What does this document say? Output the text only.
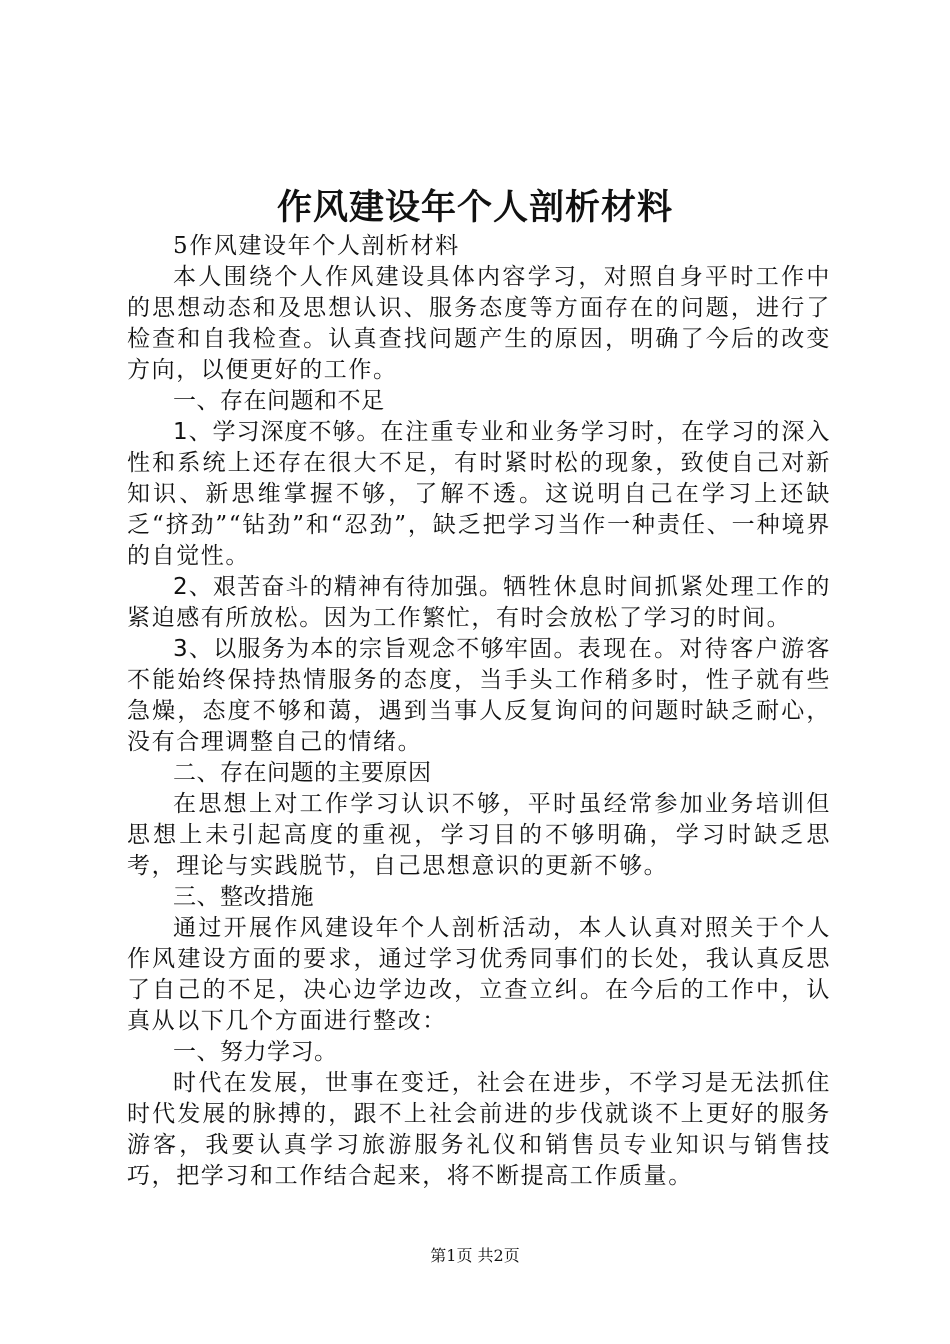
作风建设年个人剖析材料

5作风建设年个人剖析材料

本人围绕个人作风建设具体内容学习，对照自身平时工作中的思想动态和及思想认识、服务态度等方面存在的问题，进行了检查和自我检查。认真查找问题产生的原因，明确了今后的改变方向，以便更好的工作。

一、存在问题和不足

1、学习深度不够。在注重专业和业务学习时，在学习的深入性和系统上还存在很大不足，有时紧时松的现象，致使自己对新知识、新思维掌握不够，了解不透。这说明自己在学习上还缺乏“挤劲”“钻劲”和“忍劲”，缺乏把学习当作一种责任、一种境界的自觉性。

2、艰苦奋斗的精神有待加强。牺牲休息时间抓紧处理工作的紧迫感有所放松。因为工作繁忙，有时会放松了学习的时间。

3、以服务为本的宗旨观念不够牢固。表现在。对待客户游客不能始终保持热情服务的态度，当手头工作稍多时，性子就有些急燥，态度不够和蔼，遇到当事人反复询问的问题时缺乏耐心，没有合理调整自己的情绪。

二、存在问题的主要原因

在思想上对工作学习认识不够，平时虽经常参加业务培训但思想上未引起高度的重视，学习目的不够明确，学习时缺乏思考，理论与实践脱节，自己思想意识的更新不够。

三、整改措施

通过开展作风建设年个人剖析活动，本人认真对照关于个人作风建设方面的要求，通过学习优秀同事们的长处，我认真反思了自己的不足，决心边学边改，立查立纠。在今后的工作中，认真从以下几个方面进行整改：

一、努力学习。

时代在发展，世事在变迁，社会在进步，不学习是无法抓住时代发展的脉搏的，跟不上社会前进的步伐就谈不上更好的服务游客，我要认真学习旅游服务礼仪和销售员专业知识与销售技巧，把学习和工作结合起来，将不断提高工作质量。

第1页 共2页
